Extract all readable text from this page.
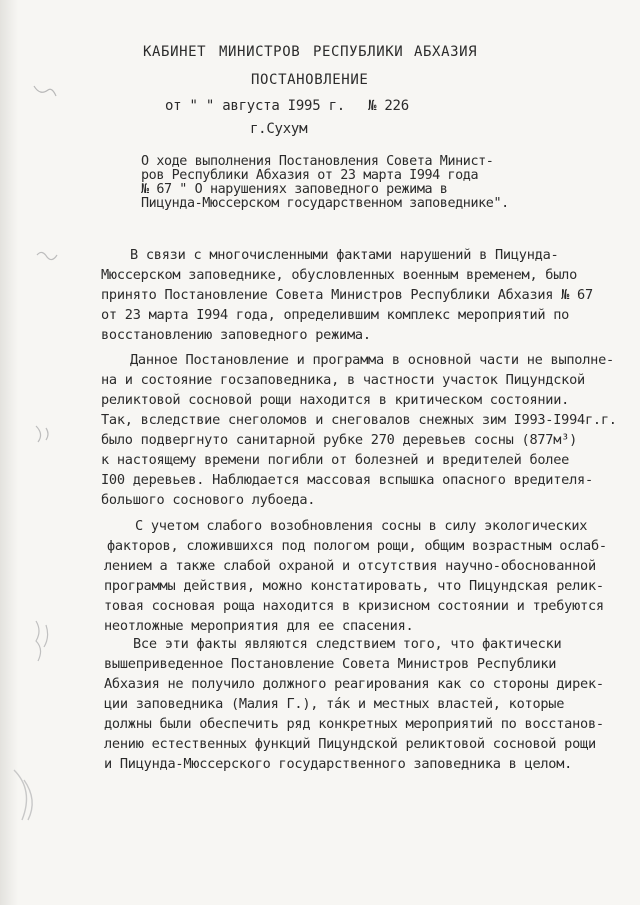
КАБИНЕТ МИНИСТРОВ РЕСПУБЛИКИ АБХАЗИЯ
ПОСТАНОВЛЕНИЕ
от " " августа I995 г. № 226
г.Сухум
О ходе выполнения Постановления Совета Минист-
ров Республики Абхазия от 23 марта I994 года
№ 67 " О нарушениях заповедного режима в
Пицунда-Мюссерском государственном заповеднике".
В связи с многочисленными фактами нарушений в Пицунда-
Мюссерском заповеднике, обусловленных военным временем, было
принято Постановление Совета Министров Республики Абхазия № 67
от 23 марта I994 года, определившим комплекс мероприятий по
восстановлению заповедного режима.
Данное Постановление и программа в основной части не выполне-
на и состояние госзаповедника, в частности участок Пицундской
реликтовой сосновой рощи находится в критическом состоянии.
Так, вследствие снеголомов и снеговалов снежных зим I993-I994г.г.
было подвергнуто санитарной рубке 270 деревьев сосны (877м³)
к настоящему времени погибли от болезней и вредителей более
I00 деревьев. Наблюдается массовая вспышка опасного вредителя-
большого соснового лубоеда.
С учетом слабого возобновления сосны в силу экологических
факторов, сложившихся под пологом рощи, общим возрастным ослаб-
лением а также слабой охраной и отсутствия научно-обоснованной
программы действия, можно констатировать, что Пицундская релик-
товая сосновая роща находится в кризисном состоянии и требуются
неотложные мероприятия для ее спасения.
Все эти факты являются следствием того, что фактически
вышеприведенное Постановление Совета Министров Республики
Абхазия не получило должного реагирования как со стороны дирек-
ции заповедника (Малия Г.), та́к и местных властей, которые
должны были обеспечить ряд конкретных мероприятий по восстанов-
лению естественных функций Пицундской реликтовой сосновой рощи
и Пицунда-Мюссерского государственного заповедника в целом.
